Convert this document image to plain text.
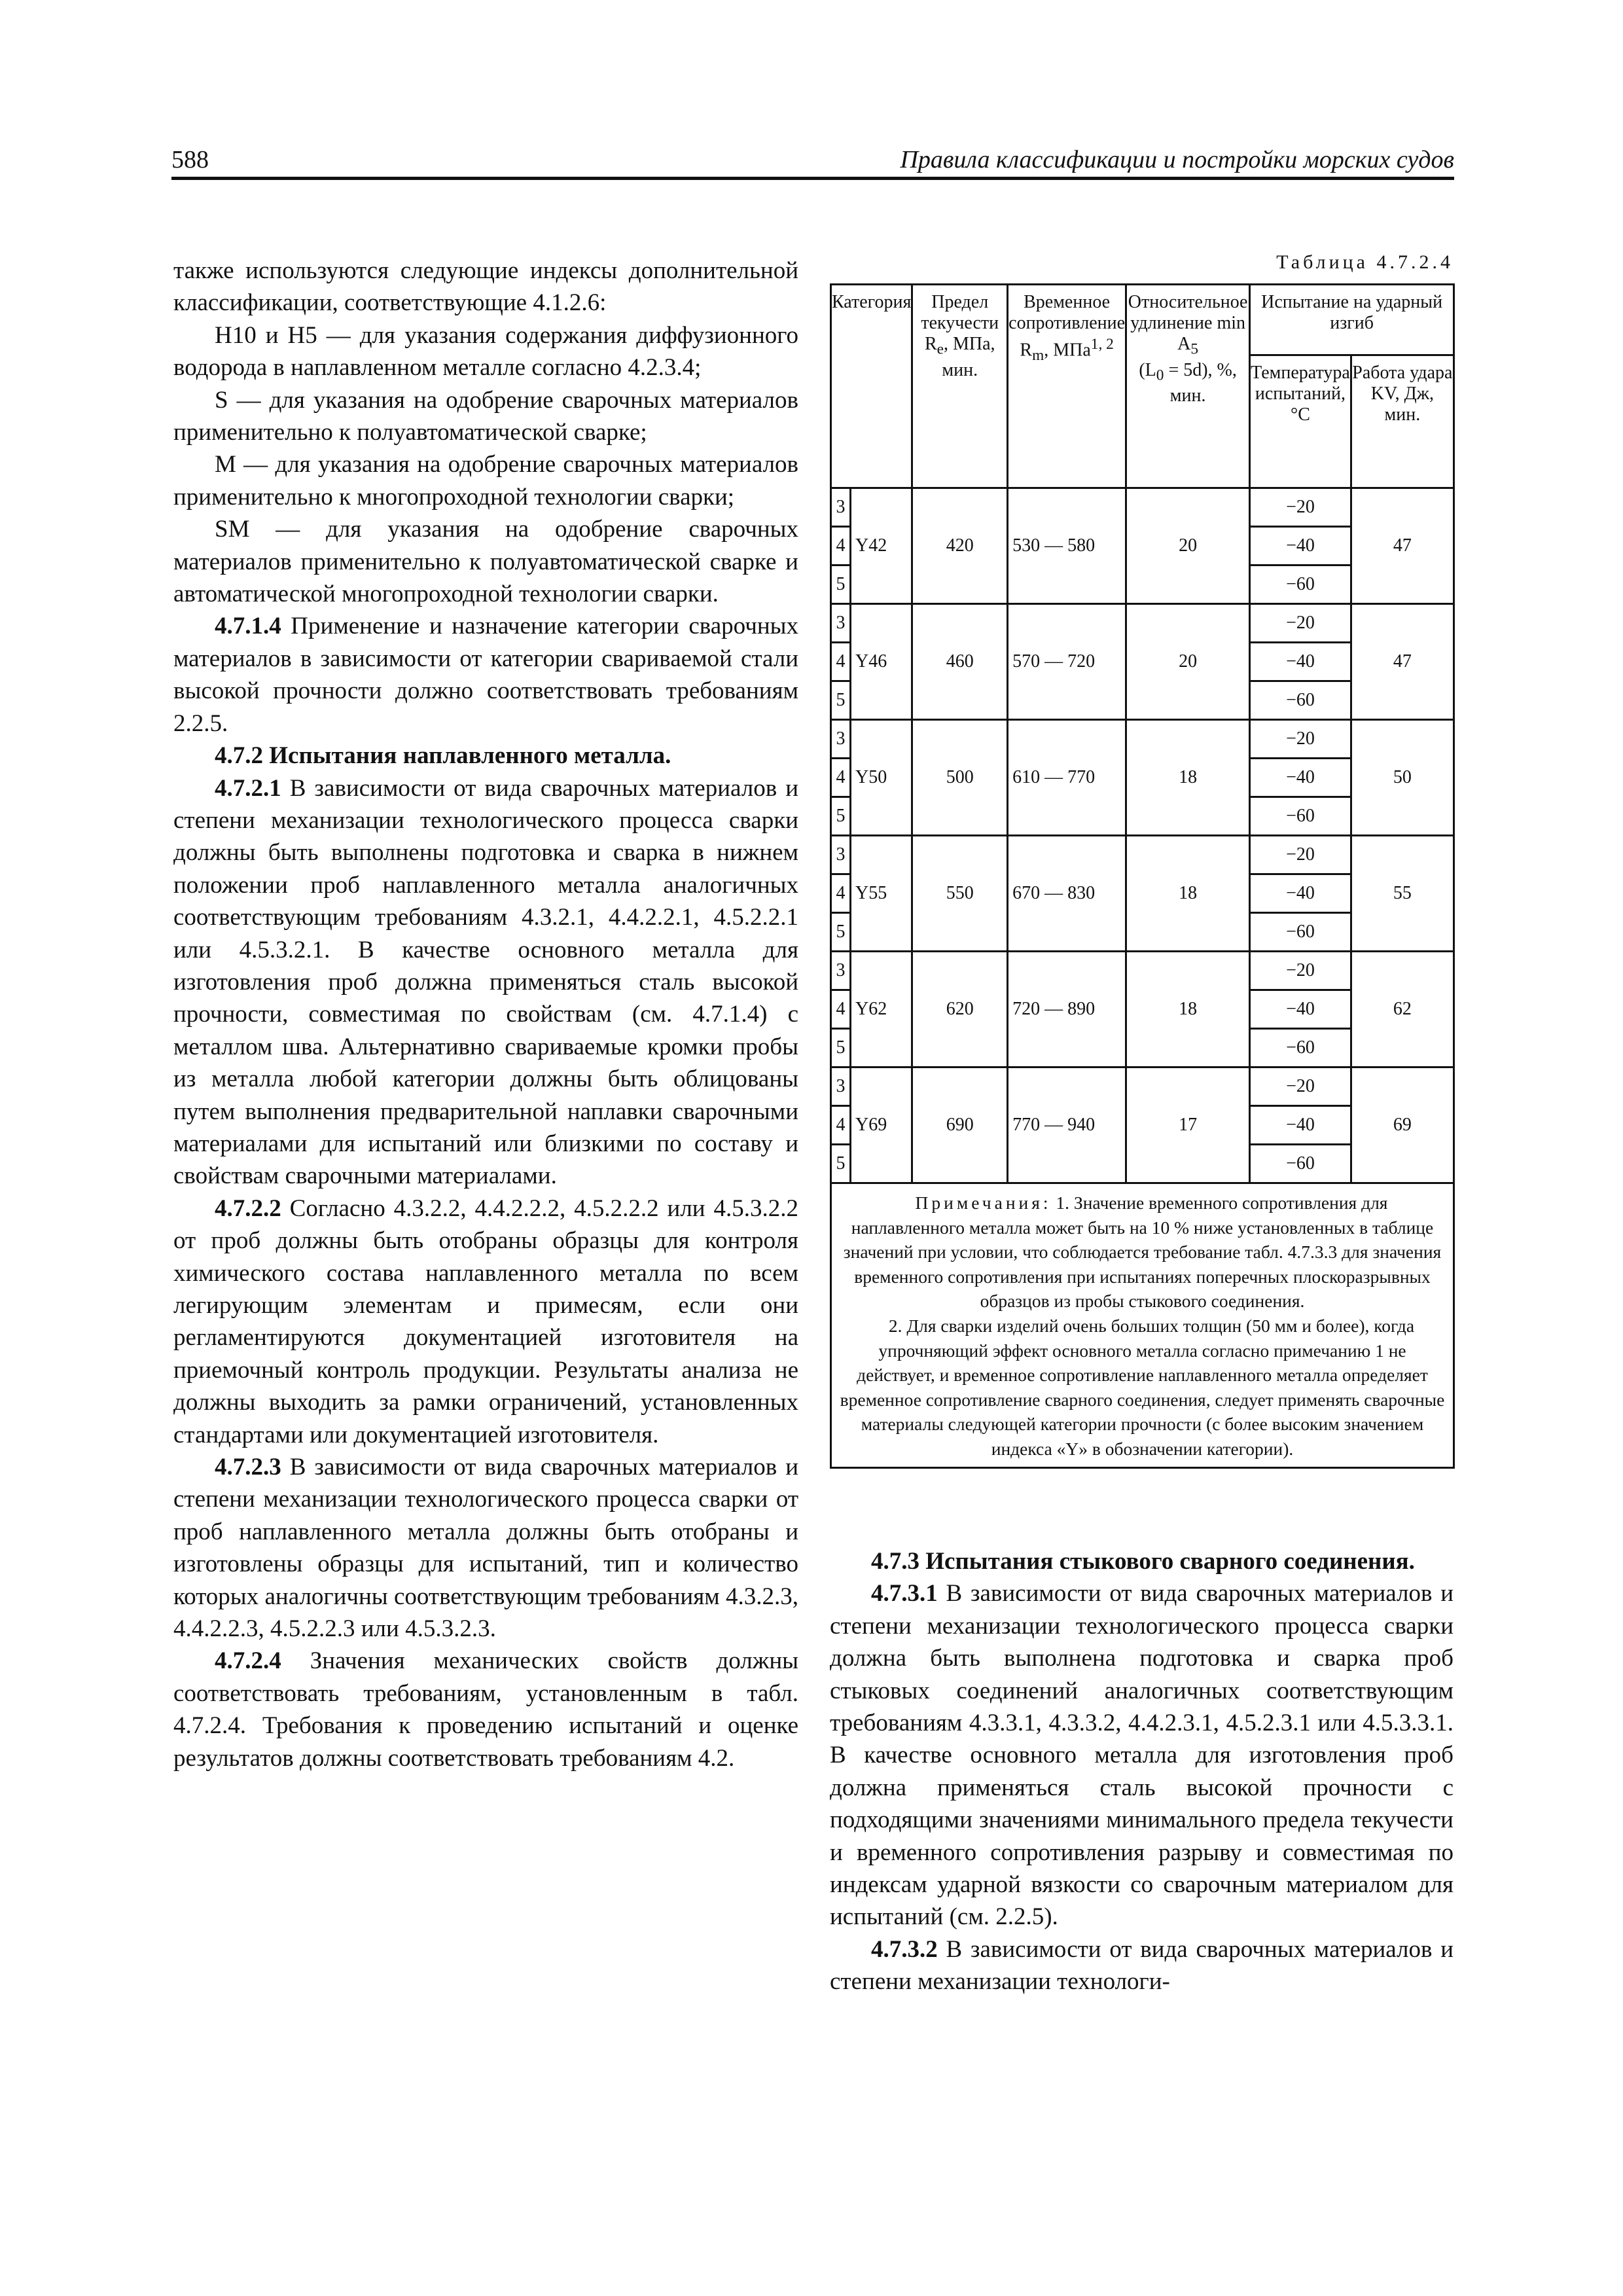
588	Правила классификации и постройки морских судов

также используются следующие индексы дополнительной классификации, соответствующие 4.1.2.6:

H10 и H5 — для указания содержания диффузионного водорода в наплавленном металле согласно 4.2.3.4;

S — для указания на одобрение сварочных материалов применительно к полуавтоматической сварке;

M — для указания на одобрение сварочных материалов применительно к многопроходной технологии сварки;

SM — для указания на одобрение сварочных материалов применительно к полуавтоматической сварке и автоматической многопроходной технологии сварки.

4.7.1.4 Применение и назначение категории сварочных материалов в зависимости от категории свариваемой стали высокой прочности должно соответствовать требованиям 2.2.5.

4.7.2 Испытания наплавленного металла.

4.7.2.1 В зависимости от вида сварочных материалов и степени механизации технологического процесса сварки должны быть выполнены подготовка и сварка в нижнем положении проб наплавленного металла аналогичных соответствующим требованиям 4.3.2.1, 4.4.2.2.1, 4.5.2.2.1 или 4.5.3.2.1. В качестве основного металла для изготовления проб должна применяться сталь высокой прочности, совместимая по свойствам (см. 4.7.1.4) с металлом шва. Альтернативно свариваемые кромки пробы из металла любой категории должны быть облицованы путем выполнения предварительной наплавки сварочными материалами для испытаний или близкими по составу и свойствам сварочными материалами.

4.7.2.2 Согласно 4.3.2.2, 4.4.2.2.2, 4.5.2.2.2 или 4.5.3.2.2 от проб должны быть отобраны образцы для контроля химического состава наплавленного металла по всем легирующим элементам и примесям, если они регламентируются документацией изготовителя на приемочный контроль продукции. Результаты анализа не должны выходить за рамки ограничений, установленных стандартами или документацией изготовителя.

4.7.2.3 В зависимости от вида сварочных материалов и степени механизации технологического процесса сварки от проб наплавленного металла должны быть отобраны и изготовлены образцы для испытаний, тип и количество которых аналогичны соответствующим требованиям 4.3.2.3, 4.4.2.2.3, 4.5.2.2.3 или 4.5.3.2.3.

4.7.2.4 Значения механических свойств должны соответствовать требованиям, установленным в табл. 4.7.2.4. Требования к проведению испытаний и оценке результатов должны соответствовать требованиям 4.2.

Таблица 4.7.2.4
Категория		Предел текучести $R_e$, МПа, мин.	Временное сопротивление $R_m$, МПа$^{1, 2}$	Относительное удлинение $\min A_5$
$(L_0 = 5d)$, %, мин.	Испытание на ударный изгиб	
					Температура испытаний, °C	Работа удара KV, Дж, мин.
3	Y42	420	530 — 580	20	−20	47
4					−40	
5					−60	
3	Y46	460	570 — 720	20	−20	47
4					−40	
5					−60	
3	Y50	500	610 — 770	18	−20	50
4					−40	
5					−60	
3	Y55	550	670 — 830	18	−20	55
4					−40	
5					−60	
3	Y62	620	720 — 890	18	−20	62
4					−40	
5					−60	
3	Y69	690	770 — 940	17	−20	69
4					−40	
5					−60	

Примечания: 1. Значение временного сопротивления для наплавленного металла может быть на 10 % ниже установленных в таблице значений при условии, что соблюдается требование табл. 4.7.3.3 для значения временного сопротивления при испытаниях поперечных плоскоразрывных образцов из пробы стыкового соединения.

2. Для сварки изделий очень больших толщин (50 мм и более), когда упрочняющий эффект основного металла согласно примечанию 1 не действует, и временное сопротивление наплавленного металла определяет временное сопротивление сварного соединения, следует применять сварочные материалы следующей категории прочности (с более высоким значением индекса «Y» в обозначении категории).						

4.7.3 Испытания стыкового сварного соединения.

4.7.3.1 В зависимости от вида сварочных материалов и степени механизации технологического процесса сварки должна быть выполнена подготовка и сварка проб стыковых соединений аналогичных соответствующим требованиям 4.3.3.1, 4.3.3.2, 4.4.2.3.1, 4.5.2.3.1 или 4.5.3.3.1. В качестве основного металла для изготовления проб должна применяться сталь высокой прочности с подходящими значениями минимального предела текучести и временного сопротивления разрыву и совместимая по индексам ударной вязкости со сварочным материалом для испытаний (см. 2.2.5).

4.7.3.2 В зависимости от вида сварочных материалов и степени механизации технологи-
